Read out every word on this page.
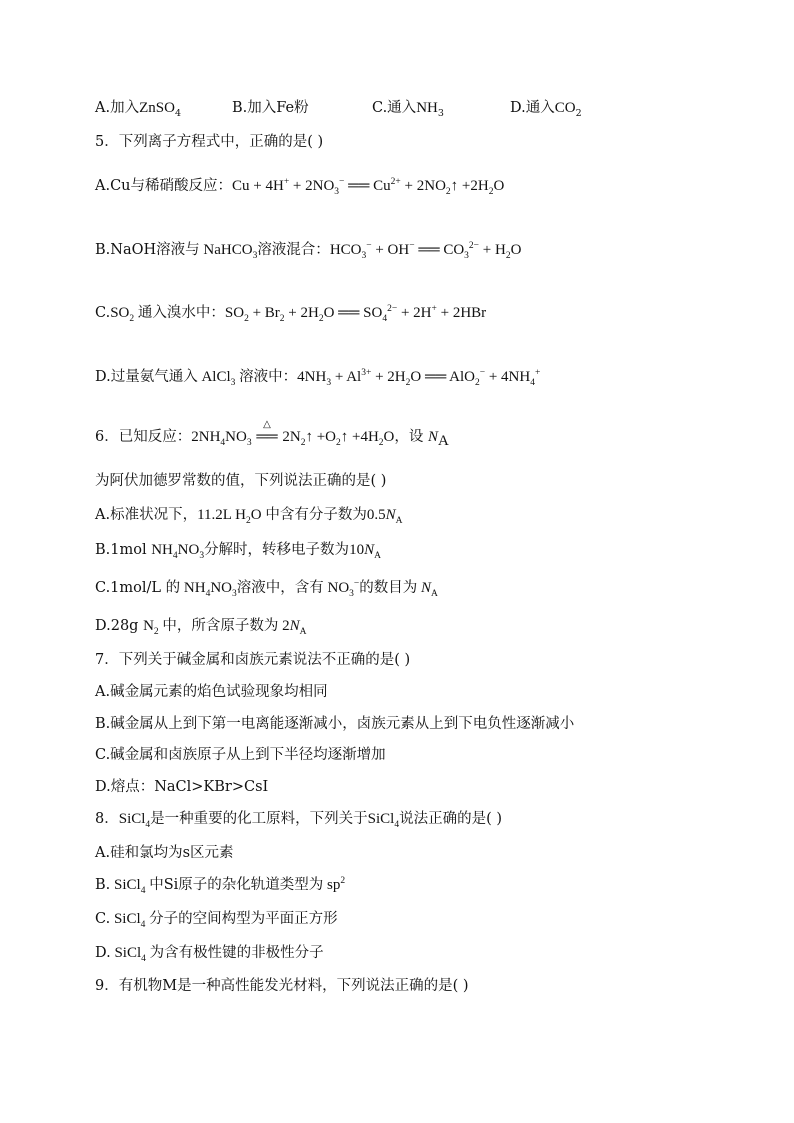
A.加入ZnSO$_4$	B.加入Fe粉	C.通入$NH_3$	D.通入$CO_2$
5．下列离子方程式中，正确的是( )
A.Cu与稀硝酸反应：$Cu + 4H^+ + 2NO_3^-$ ══ $Cu^{2+}$ + $2NO_2↑ +2H_2O$
B.NaOH溶液与 NaHCO$_3$溶液混合：$HCO_3^- + OH^-$ ══ $CO_3^{2-} + H_2O$
$C.SO_2$ 通入溴水中：$SO_2 + Br_2 + 2H_2O$ ══ $SO_4^{2-} + 2H^+ + 2HBr$
D.过量氨气通入 AlCl$_3$ 溶液中：$4NH_3 + Al^{3+} + 2H_2O$ ══ $AlO_2^- + 4NH_4^+$
6．已知反应：$2NH_4NO_3$
△
══ $2N_2↑$ $+O_2↑ +4H_2O$，设 $N_A$
为阿伏加德罗常数的值，下列说法正确的是( )
A.标准状况下，11.2L $H_2O$ 中含有分子数为$0.5N_A$
B.1mol $NH_4NO_3$分解时，转移电子数为$10N_A$
C.1mol/L 的 $NH_4NO_3$溶液中，含有 $NO_3^-$的数目为 $N_A$
D.28g $N_2$ 中，所含原子数为 $2N_A$
7．下列关于碱金属和卤族元素说法不正确的是( )
A.碱金属元素的焰色试验现象均相同
B.碱金属从上到下第一电离能逐渐减小，卤族元素从上到下电负性逐渐减小
C.碱金属和卤族原子从上到下半径均逐渐增加
D.熔点：NaCl>KBr>CsI
8．SiCl$_4$是一种重要的化工原料，下列关于SiCl$_4$说法正确的是( )
A.硅和氯均为s区元素
B. SiCl$_4$ 中Si原子的杂化轨道类型为 $sp^2$
C. SiCl$_4$ 分子的空间构型为平面正方形
D. SiCl$_4$ 为含有极性键的非极性分子
9．有机物M是一种高性能发光材料，下列说法正确的是( )
